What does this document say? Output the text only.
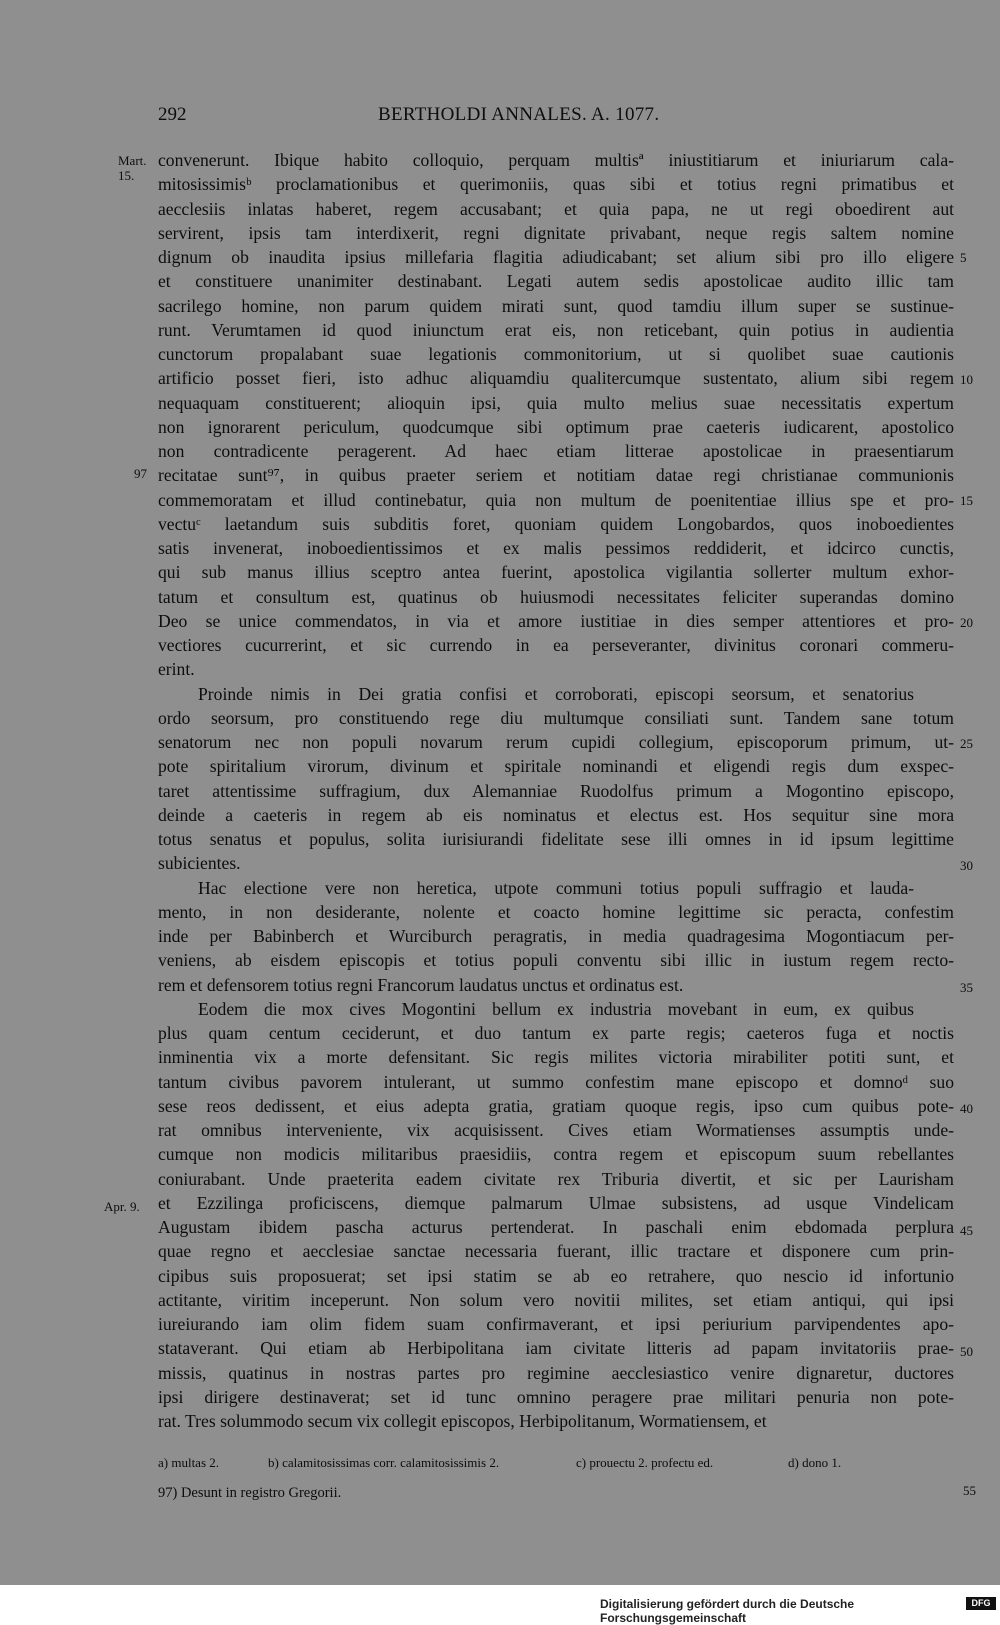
292	BERTHOLDI ANNALES. A. 1077.
Mart. 15.
97
Apr. 9.
5
10
15
20
25
30
35
40
45
50
convenerunt. Ibique habito colloquio, perquam multisª iniustitiarum et iniuriarum cala-
mitosissimisᵇ proclamationibus et querimoniis, quas sibi et totius regni primatibus et
aecclesiis inlatas haberet, regem accusabant; et quia papa, ne ut regi oboedirent aut
servirent, ipsis tam interdixerit, regni dignitate privabant, neque regis saltem nomine
dignum ob inaudita ipsius millefaria flagitia adiudicabant; set alium sibi pro illo eligere
et constituere unanimiter destinabant. Legati autem sedis apostolicae audito illic tam
sacrilego homine, non parum quidem mirati sunt, quod tamdiu illum super se sustinue-
runt. Verumtamen id quod iniunctum erat eis, non reticebant, quin potius in audientia
cunctorum propalabant suae legationis commonitorium, ut si quolibet suae cautionis
artificio posset fieri, isto adhuc aliquamdiu qualitercumque sustentato, alium sibi regem
nequaquam constituerent; alioquin ipsi, quia multo melius suae necessitatis expertum
non ignorarent periculum, quodcumque sibi optimum prae caeteris iudicarent, apostolico
non contradicente peragerent. Ad haec etiam litterae apostolicae in praesentiarum
recitatae sunt⁹⁷, in quibus praeter seriem et notitiam datae regi christianae communionis
commemoratam et illud continebatur, quia non multum de poenitentiae illius spe et pro-
vectuᶜ laetandum suis subditis foret, quoniam quidem Longobardos, quos inoboedientes
satis invenerat, inoboedientissimos et ex malis pessimos reddiderit, et idcirco cunctis,
qui sub manus illius sceptro antea fuerint, apostolica vigilantia sollerter multum exhor-
tatum et consultum est, quatinus ob huiusmodi necessitates feliciter superandas domino
Deo se unice commendatos, in via et amore iustitiae in dies semper attentiores et pro-
vectiores cucurrerint, et sic currendo in ea perseveranter, divinitus coronari commeru-
erint.
Proinde nimis in Dei gratia confisi et corroborati, episcopi seorsum, et senatorius
ordo seorsum, pro constituendo rege diu multumque consiliati sunt. Tandem sane totum
senatorum nec non populi novarum rerum cupidi collegium, episcoporum primum, ut-
pote spiritalium virorum, divinum et spiritale nominandi et eligendi regis dum exspec-
taret attentissime suffragium, dux Alemanniae Ruodolfus primum a Mogontino episcopo,
deinde a caeteris in regem ab eis nominatus et electus est. Hos sequitur sine mora
totus senatus et populus, solita iurisiurandi fidelitate sese illi omnes in id ipsum legittime
subicientes.
Hac electione vere non heretica, utpote communi totius populi suffragio et lauda-
mento, in non desiderante, nolente et coacto homine legittime sic peracta, confestim
inde per Babinberch et Wurciburch peragratis, in media quadragesima Mogontiacum per-
veniens, ab eisdem episcopis et totius populi conventu sibi illic in iustum regem recto-
rem et defensorem totius regni Francorum laudatus unctus et ordinatus est.
Eodem die mox cives Mogontini bellum ex industria movebant in eum, ex quibus
plus quam centum ceciderunt, et duo tantum ex parte regis; caeteros fuga et noctis
inminentia vix a morte defensitant. Sic regis milites victoria mirabiliter potiti sunt, et
tantum civibus pavorem intulerant, ut summo confestim mane episcopo et domnoᵈ suo
sese reos dedissent, et eius adepta gratia, gratiam quoque regis, ipso cum quibus pote-
rat omnibus interveniente, vix acquisissent. Cives etiam Wormatienses assumptis unde-
cumque non modicis militaribus praesidiis, contra regem et episcopum suum rebellantes
coniurabant. Unde praeterita eadem civitate rex Triburia divertit, et sic per Laurisham
et Ezzilinga proficiscens, diemque palmarum Ulmae subsistens, ad usque Vindelicam
Augustam ibidem pascha acturus pertenderat. In paschali enim ebdomada perplura
quae regno et aecclesiae sanctae necessaria fuerant, illic tractare et disponere cum prin-
cipibus suis proposuerat; set ipsi statim se ab eo retrahere, quo nescio id infortunio
actitante, viritim inceperunt. Non solum vero novitii milites, set etiam antiqui, qui ipsi
iureiurando iam olim fidem suam confirmaverant, et ipsi periurium parvipendentes apo-
stataverant. Qui etiam ab Herbipolitana iam civitate litteris ad papam invitatoriis prae-
missis, quatinus in nostras partes pro regimine aecclesiastico venire dignaretur, ductores
ipsi dirigere destinaverat; set id tunc omnino peragere prae militari penuria non pote-
rat. Tres solummodo secum vix collegit episcopos, Herbipolitanum, Wormatiensem, et
a) multas 2.	b) calamitosissimas corr. calamitosissimis 2.	c) prouectu 2. profectu ed.	d) dono 1.
97) Desunt in registro Gregorii.	55
Digitalisierung gefördert durch die Deutsche Forschungsgemeinschaft
DFG
